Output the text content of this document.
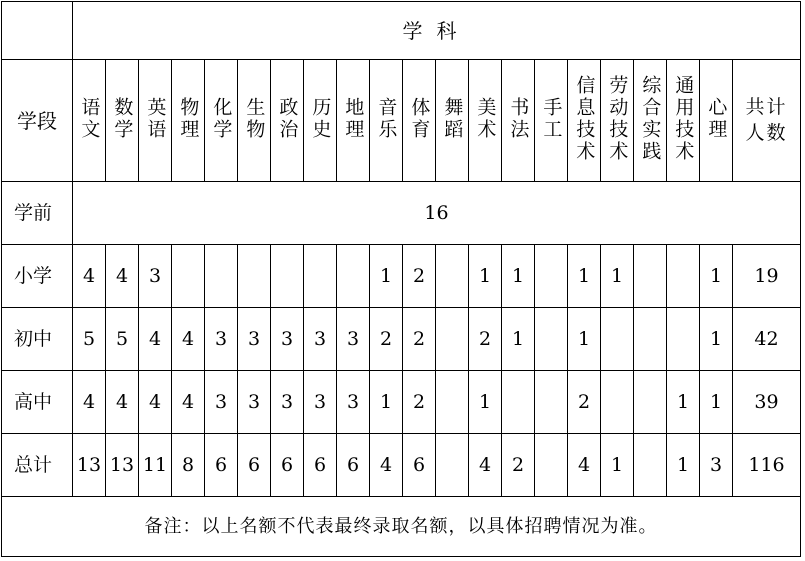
	学科																				
学段	语文	数学	英语	物理	化学	生物	政治	历史	地理	音乐	体育	舞蹈	美术	书法	手工	信息技术	劳动技术	综合实践	通用技术	心理	共计人数
学前	16																				
小学	4	4	3							1	2		1	1		1	1			1	19
初中	5	5	4	4	3	3	3	3	3	2	2		2	1		1				1	42
高中	4	4	4	4	3	3	3	3	3	1	2		1			2			1	1	39
总计	13	13	11	8	6	6	6	6	6	4	6		4	2		4	1		1	3	116
备注：以上名额不代表最终录取名额，以具体招聘情况为准。																					
